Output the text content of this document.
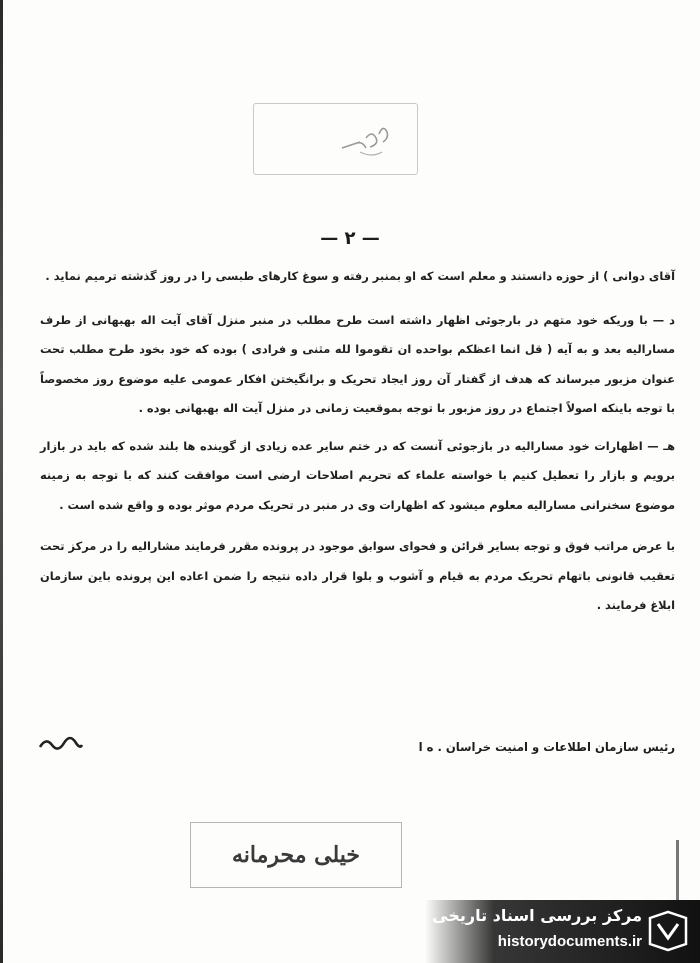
— ٢ —

آقای دوانی ) از حوزه دانستند و معلم است که او بمنبر رفته و سوغ کارهای طبسی را در روز گذشته ترمیم نماید .

د — با وریکه خود متهم در بارجوئی اظهار داشته است طرح مطلب در منبر منزل آقای آیت اله بهبهانی از طرف مسارالیه بعد و به آیه ( قل انما اعظکم بواحده ان تقوموا لله مثنی و فرادی ) بوده که خود بخود طرح مطلب تحت عنوان مزبور میرساند که هدف از گفتار آن روز ایجاد تحریک و برانگیختن افکار عمومی علیه موضوع روز مخصوصاً با توجه باینکه اصولاً اجتماع در روز مزبور با توجه بموقعیت زمانی در منزل آیت اله بهبهانی بوده .

هـ — اظهارات خود مسارالیه در بازجوئی آنست که در ختم سایر عده زیادی از گوینده ها بلند شده که باید در بازار برویم و بازار را تعطیل کنیم با خواسته علماء که تحریم اصلاحات ارضی است موافقت کنند که با توجه به زمینه موضوع سخنرانی مسارالیه معلوم میشود که اظهارات وی در منبر در تحریک مردم موثر بوده و واقع شده است .

با عرض مراتب فوق و توجه بسایر قرائن و فحوای سوابق موجود در پرونده مقرر فرمایند مشارالیه را در مرکز تحت تعقیب قانونی باتهام تحریک مردم به قیام و آشوب و بلوا قرار داده نتیجه را ضمن اعاده این پرونده باین سازمان ابلاغ فرمایند .

رئیس سازمان اطلاعات و امنیت خراسان . ه ا
خیلی محرمانه
مرکز بررسی اسناد تاریخی
historydocuments.ir
